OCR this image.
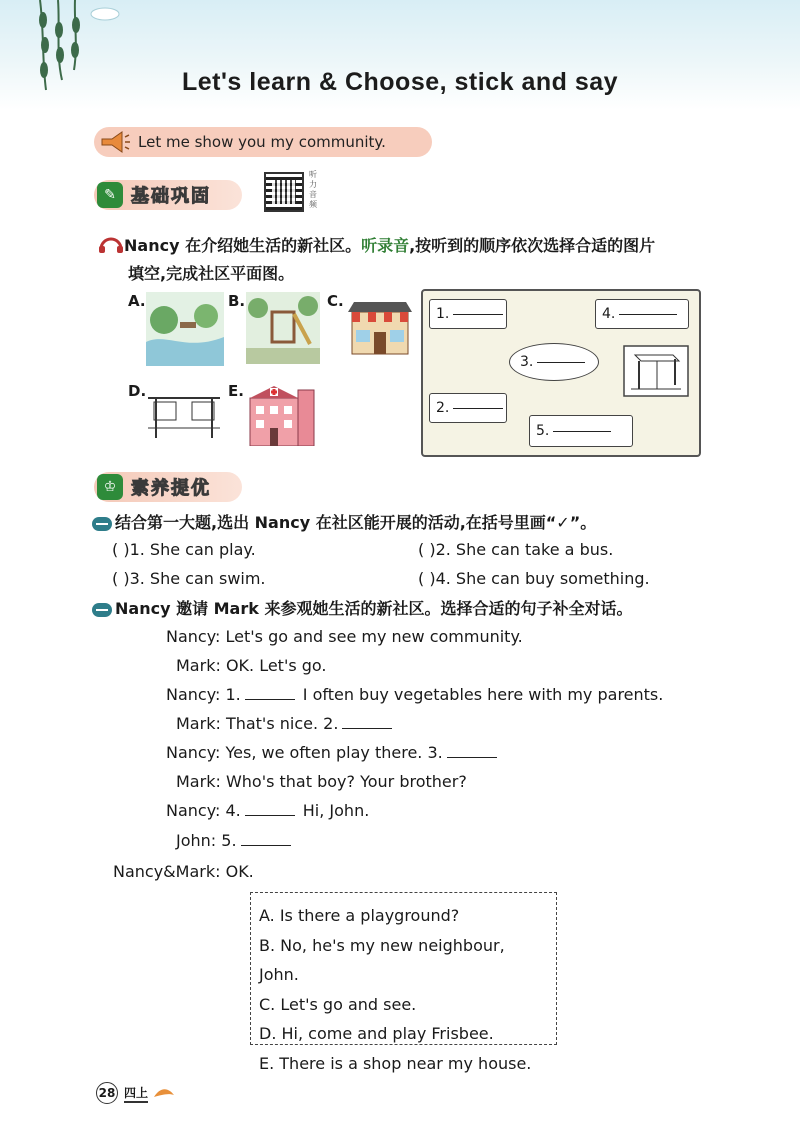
Let's learn & Choose, stick and say
Let me show you my community.
✎ 基础巩固
听力音频
Nancy 在介绍她生活的新社区。听录音,按听到的顺序依次选择合适的图片
填空,完成社区平面图。
A.	B.	C.
D.	E.
1.	4.
3.
2.
5.
♔ 素养提优
结合第一大题,选出 Nancy 在社区能开展的活动,在括号里画“✓”。
( )1. She can play.	( )2. She can take a bus.
( )3. She can swim.	( )4. She can buy something.
Nancy 邀请 Mark 来参观她生活的新社区。选择合适的句子补全对话。
Nancy: Let's go and see my new community.
Mark: OK. Let's go.
Nancy: 1.	I often buy vegetables here with my parents.
Mark: That's nice. 2.
Nancy: Yes, we often play there. 3.
Mark: Who's that boy? Your brother?
Nancy: 4.	Hi, John.
John: 5.
Nancy&Mark: OK.
A. Is there a playground?
B. No, he's my new neighbour, John.
C. Let's go and see.
D. Hi, come and play Frisbee.
E. There is a shop near my house.
28 四上
